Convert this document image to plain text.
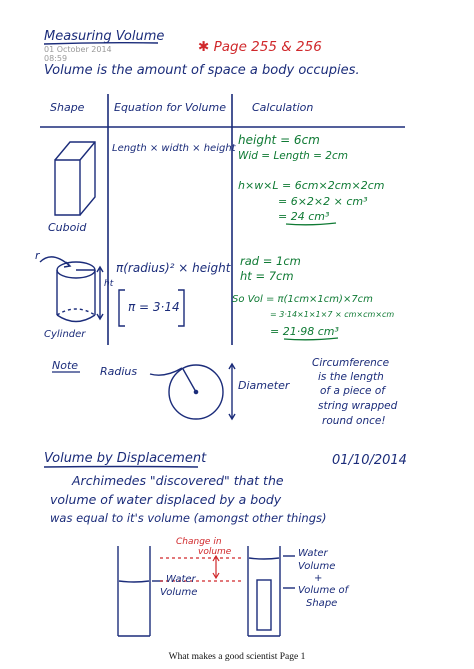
Measuring Volume
01 October 2014
08:59
✱ Page 255 & 256
Volume is the amount of space a body occupies.
Shape	Equation for Volume Calculation
Cuboid
Length × width × height
height = 6cm
Wid = Length = 2cm
h×w×L = 6cm×2cm×2cm
= 6×2×2 × cm³
= 24 cm³
r
ht
Cylinder
π(radius)² × height
π = 3·14
rad = 1cm
ht = 7cm
So Vol = π(1cm×1cm)×7cm
= 3·14×1×1×7 × cm×cm×cm
= 21·98 cm³
Note Radius
Diameter
Circumference
is the length
of a piece of
string wrapped
round once!
Volume by Displacement	01/10/2014
Archimedes "discovered" that the
volume of water displaced by a body
was equal to it's volume (amongst other things)
Change in
volume
Water
Volume
Water
Volume
+
Volume of
Shape
What makes a good scientist Page 1
